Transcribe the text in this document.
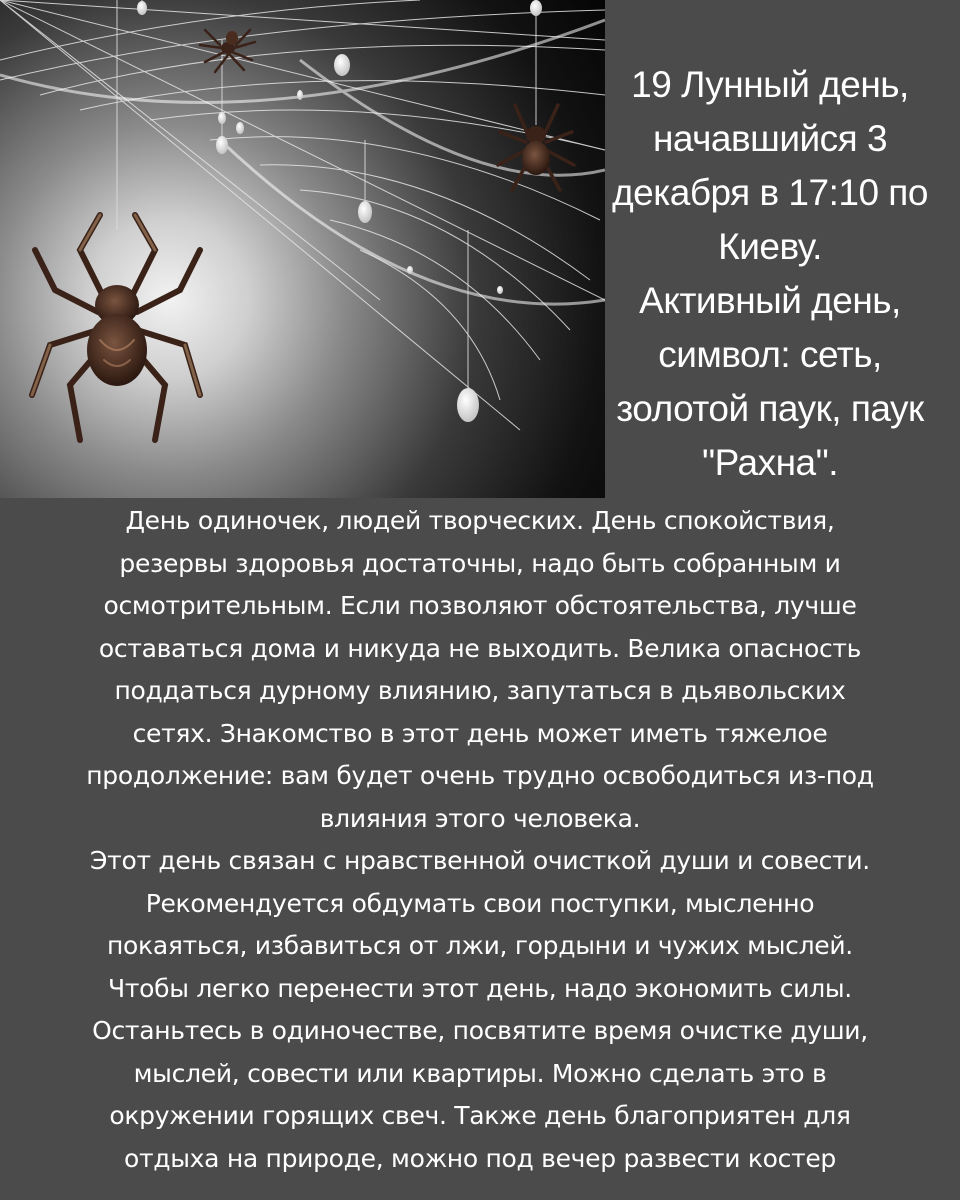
19 Лунный день,
начавшийся 3
декабря в 17:10 по
Киеву.
Активный день,
символ: сеть,
золотой паук, паук
"Рахна".
День одиночек, людей творческих. День спокойствия,
резервы здоровья достаточны, надо быть собранным и
осмотрительным. Если позволяют обстоятельства, лучше
оставаться дома и никуда не выходить. Велика опасность
поддаться дурному влиянию, запутаться в дьявольских
сетях. Знакомство в этот день может иметь тяжелое
продолжение: вам будет очень трудно освободиться из-под
влияния этого человека.
Этот день связан с нравственной очисткой души и совести.
Рекомендуется обдумать свои поступки, мысленно
покаяться, избавиться от лжи, гордыни и чужих мыслей.
Чтобы легко перенести этот день, надо экономить силы.
Останьтесь в одиночестве, посвятите время очистке души,
мыслей, совести или квартиры. Можно сделать это в
окружении горящих свеч. Также день благоприятен для
отдыха на природе, можно под вечер развести костер
